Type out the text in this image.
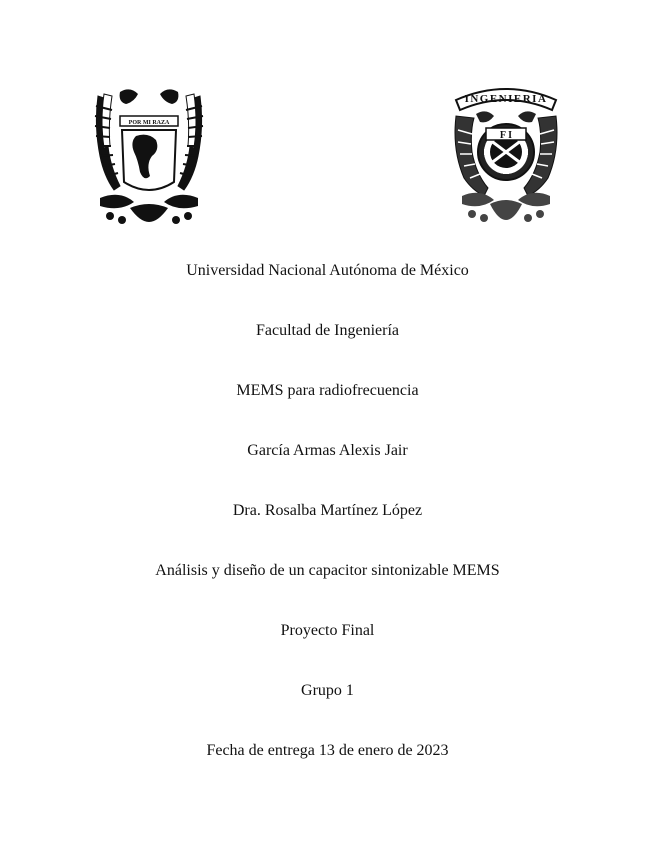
POR MI RAZA
INGENIERIA
F I
Universidad Nacional Autónoma de México
Facultad de Ingeniería
MEMS para radiofrecuencia
García Armas Alexis Jair
Dra. Rosalba Martínez López
Análisis y diseño de un capacitor sintonizable MEMS
Proyecto Final
Grupo 1
Fecha de entrega 13 de enero de 2023
